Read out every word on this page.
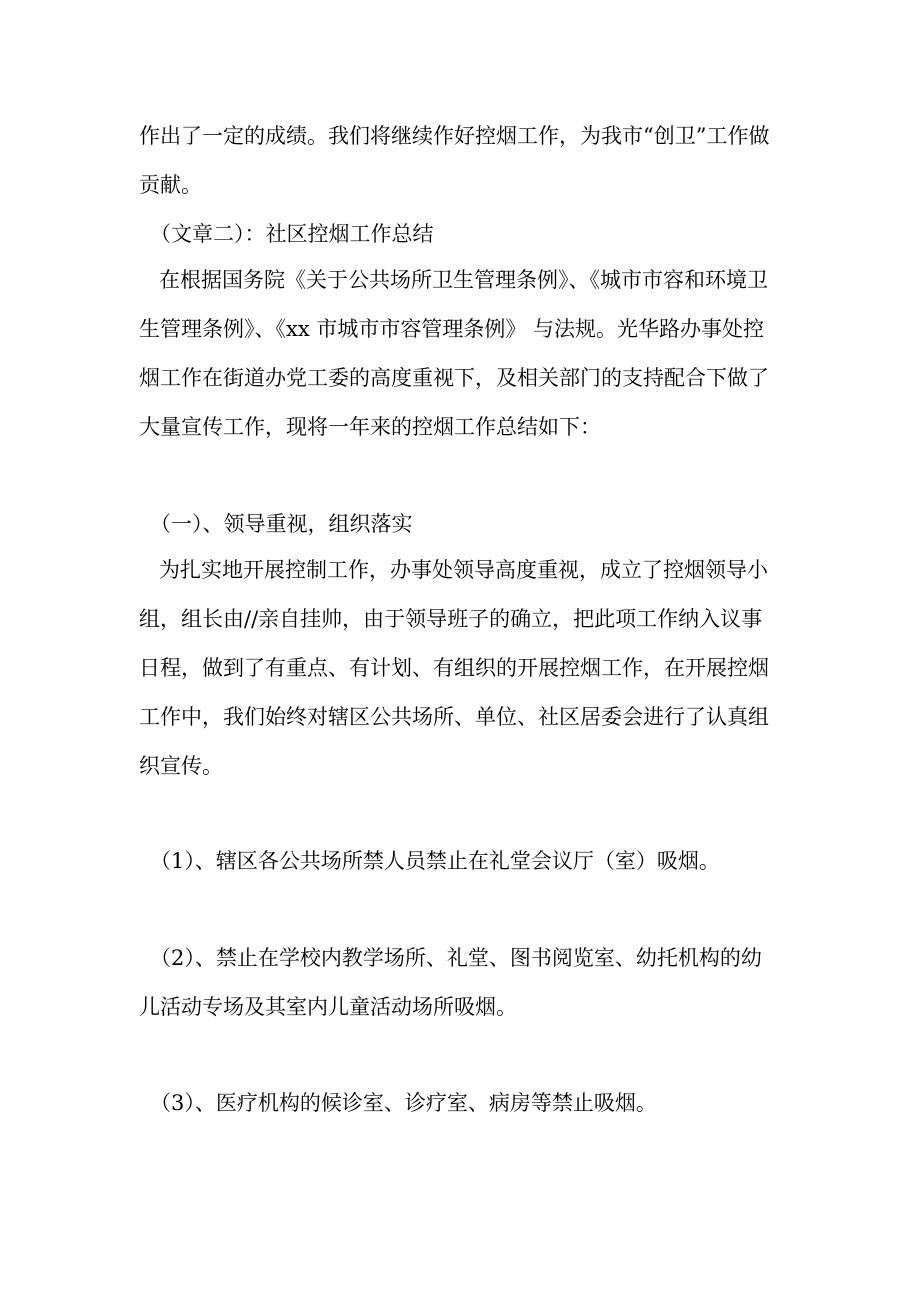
作出了一定的成绩。我们将继续作好控烟工作，为我市“创卫”工作做
贡献。
（文章二）：社区控烟工作总结
在根据国务院《关于公共场所卫生管理条例》、《城市市容和环境卫
生管理条例》、《xx 市城市市容管理条例》 与法规。光华路办事处控
烟工作在街道办党工委的高度重视下，及相关部门的支持配合下做了
大量宣传工作，现将一年来的控烟工作总结如下：
（一）、领导重视，组织落实
为扎实地开展控制工作，办事处领导高度重视，成立了控烟领导小
组，组长由//亲自挂帅，由于领导班子的确立，把此项工作纳入议事
日程，做到了有重点、有计划、有组织的开展控烟工作，在开展控烟
工作中，我们始终对辖区公共场所、单位、社区居委会进行了认真组
织宣传。
（1）、辖区各公共场所禁人员禁止在礼堂会议厅（室）吸烟。
（2）、禁止在学校内教学场所、礼堂、图书阅览室、幼托机构的幼
儿活动专场及其室内儿童活动场所吸烟。
（3）、医疗机构的候诊室、诊疗室、病房等禁止吸烟。
